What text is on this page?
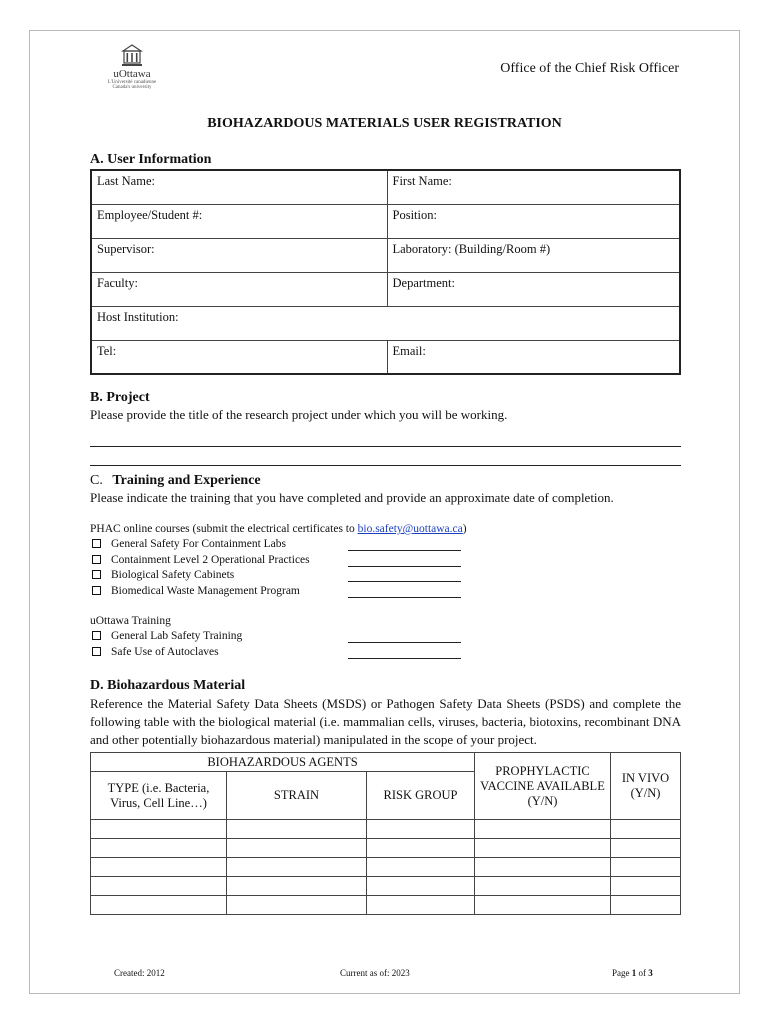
uOttawa
L'Université canadienne
Canada's university
Office of the Chief Risk Officer
BIOHAZARDOUS MATERIALS USER REGISTRATION
A. User Information
Last Name:	First Name:
Employee/Student #:	Position:
Supervisor:	Laboratory: (Building/Room #)
Faculty:	Department:
Host Institution:	
Tel:	Email:
B. Project
Please provide the title of the research project under which you will be working.
C. Training and Experience
Please indicate the training that you have completed and provide an approximate date of completion.
PHAC online courses (submit the electrical certificates to bio.safety@uottawa.ca)
General Safety For Containment Labs
Containment Level 2 Operational Practices
Biological Safety Cabinets
Biomedical Waste Management Program
uOttawa Training
General Lab Safety Training
Safe Use of Autoclaves
D. Biohazardous Material
Reference the Material Safety Data Sheets (MSDS) or Pathogen Safety Data Sheets (PSDS) and complete the following table with the biological material (i.e. mammalian cells, viruses, bacteria, biotoxins, recombinant DNA and other potentially biohazardous material) manipulated in the scope of your project.
BIOHAZARDOUS AGENTS			PROPHYLACTIC VACCINE AVAILABLE (Y/N)	IN VIVO (Y/N)
TYPE (i.e. Bacteria, Virus, Cell Line…)	STRAIN	RISK GROUP		

Created: 2012	Current as of: 2023	Page 1 of 3
